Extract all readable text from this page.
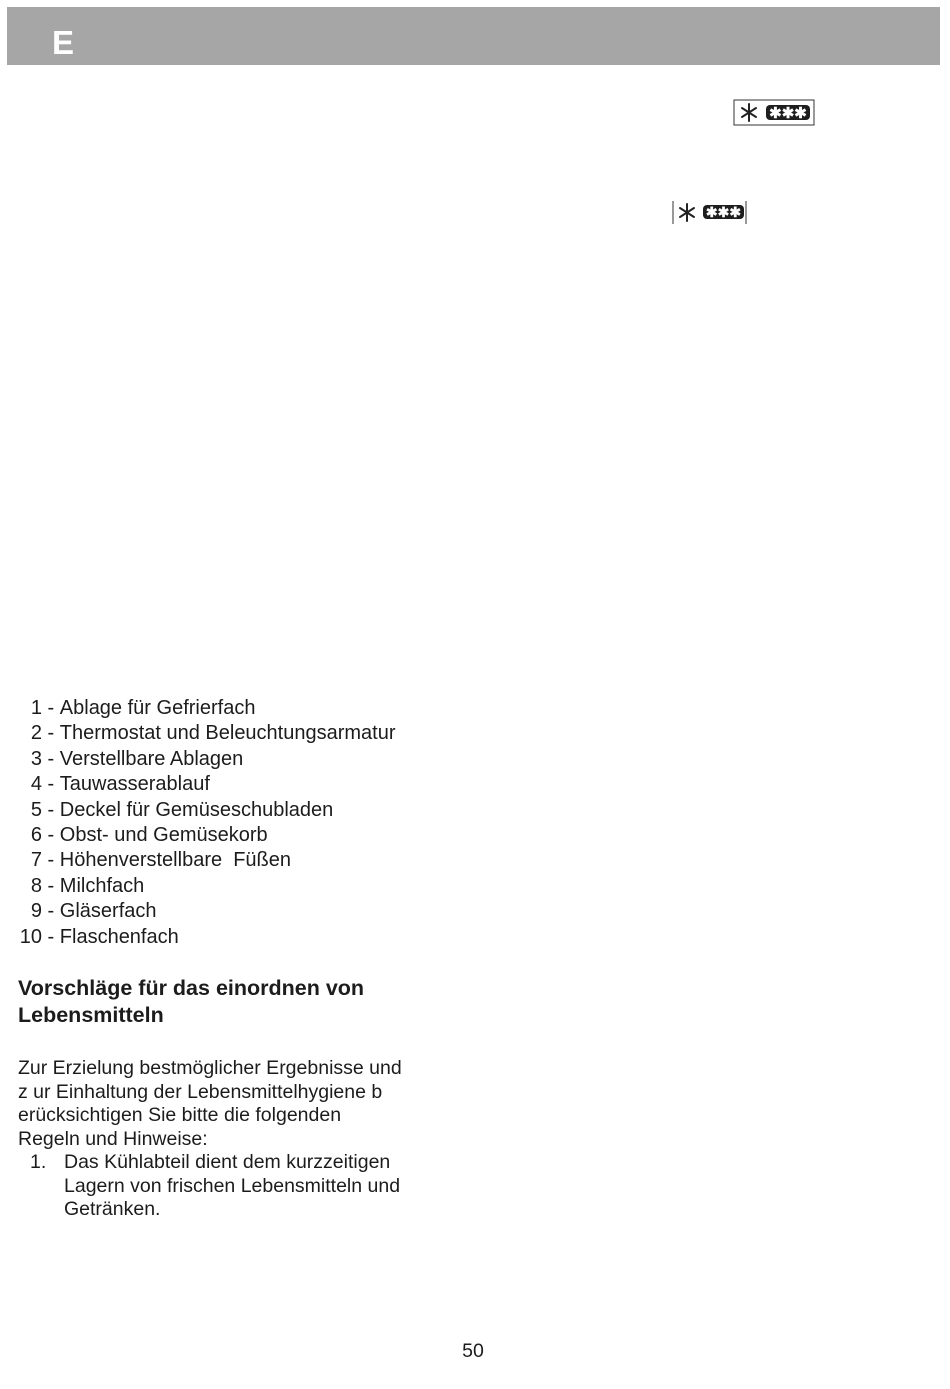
E
✱✱✱
✱✱✱
1 - Ablage für Gefrierfach
2 - Thermostat und Beleuchtungsarmatur
3 - Verstellbare Ablagen
4 - Tauwasserablauf
5 - Deckel für Gemüseschubladen
6 - Obst- und Gemüsekorb
7 - Höhenverstellbare  Füßen
8 - Milchfach
9 - Gläserfach
10 - Flaschenfach
Vorschläge für das einordnen von
Lebensmitteln

Zur Erzielung bestmöglicher Ergebnisse und
z ur Einhaltung der Lebensmittelhygiene b
erücksichtigen Sie bitte die folgenden
Regeln und Hinweise:

1. Das Kühlabteil dient dem kurzzeitigen
Lagern von frischen Lebensmitteln und
Getränken.
50
